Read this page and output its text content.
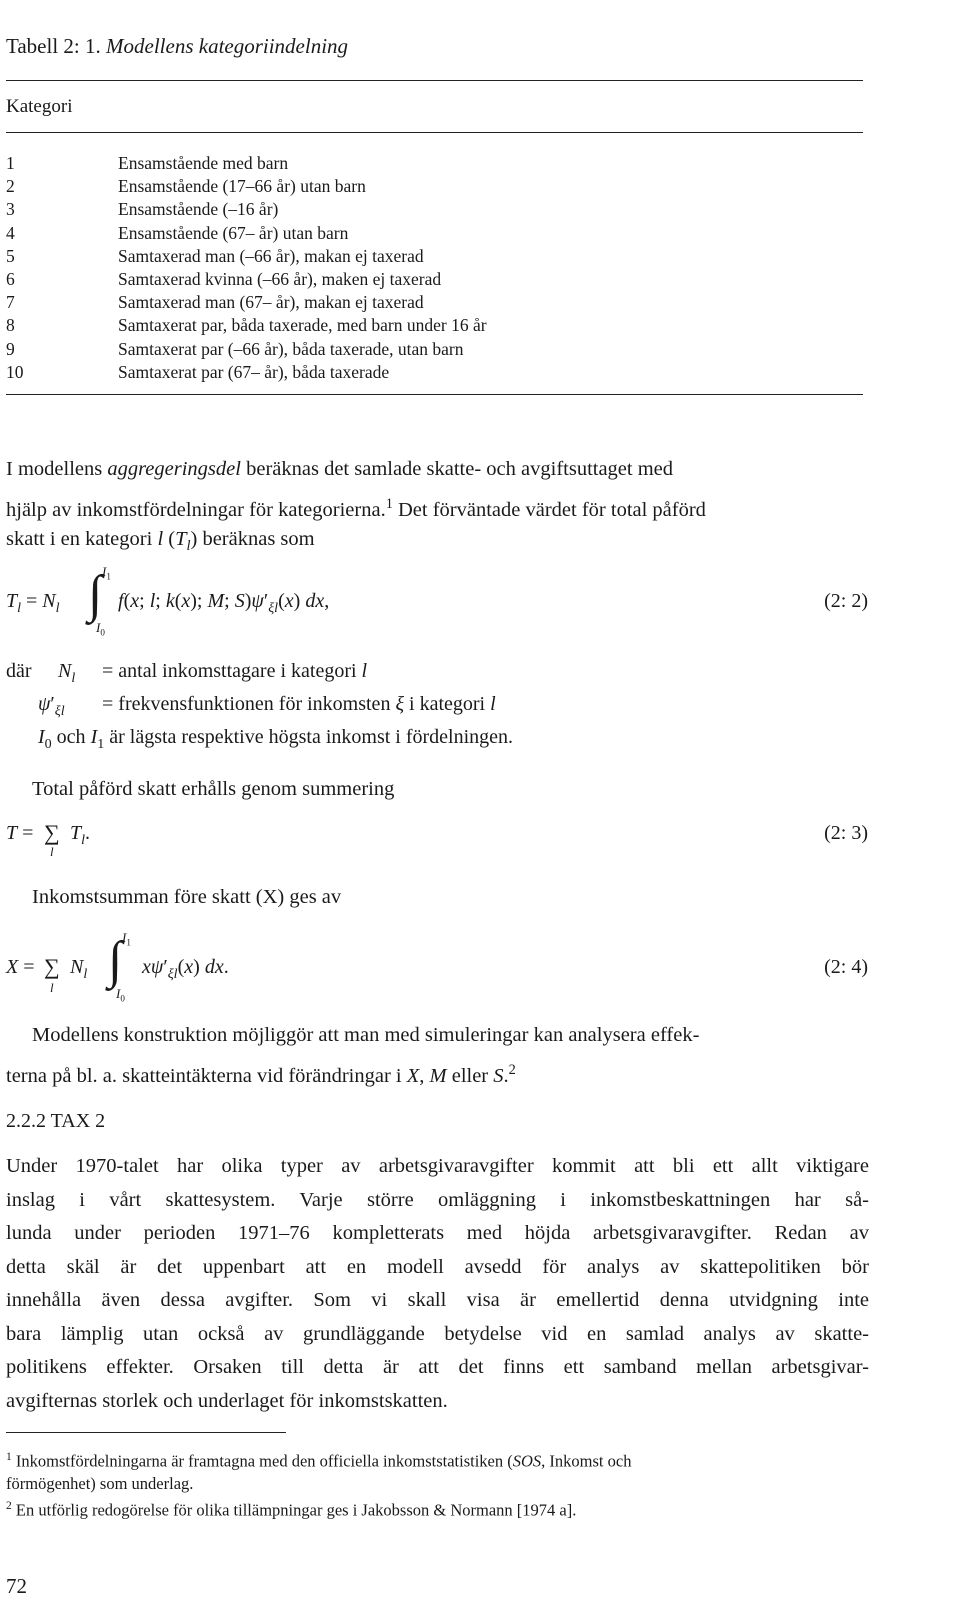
Tabell 2: 1. Modellens kategoriindelning
Kategori
1	Ensamstående med barn
2	Ensamstående (17–66 år) utan barn
3	Ensamstående (–16 år)
4	Ensamstående (67– år) utan barn
5	Samtaxerad man (–66 år), makan ej taxerad
6	Samtaxerad kvinna (–66 år), maken ej taxerad
7	Samtaxerad man (67– år), makan ej taxerad
8	Samtaxerat par, båda taxerade, med barn under 16 år
9	Samtaxerat par (–66 år), båda taxerade, utan barn
10	Samtaxerat par (67– år), båda taxerade
I modellens aggregeringsdel beräknas det samlade skatte- och avgiftsuttaget med
hjälp av inkomstfördelningar för kategorierna.$^1$ Det förväntade värdet för total påförd
skatt i en kategori l $(T_l)$ beräknas som
$T_l = N_l$ ∫ $I_1$
$I_0$
f(x; l; k(x); M; $S)\psi'_{\xi l}(x)$ dx,	(2: 2)
där $N_l$ = antal inkomsttagare i kategori l
$\psi'_{\xi l}$ = frekvensfunktionen för inkomsten ξ i kategori l
$I_0$ och $I_1$ är lägsta respektive högsta inkomst i fördelningen.
Total påförd skatt erhålls genom summering
T = ∑
l
$T_l$.	(2: 3)
Inkomstsumman före skatt (X) ges av
X = ∑
l
$N_l$ ∫ $I_1$
$I_0$
$x\psi'_{\xi l}(x)$ dx.	(2: 4)
Modellens konstruktion möjliggör att man med simuleringar kan analysera effek-
terna på bl. a. skatteintäkterna vid förändringar i X, M eller S.$^2$
2.2.2 TAX 2
Under 1970-talet har olika typer av arbetsgivaravgifter kommit att bli ett allt viktigare
inslag i vårt skattesystem. Varje större omläggning i inkomstbeskattningen har så-
lunda under perioden 1971–76 kompletterats med höjda arbetsgivaravgifter. Redan av
detta skäl är det uppenbart att en modell avsedd för analys av skattepolitiken bör
innehålla även dessa avgifter. Som vi skall visa är emellertid denna utvidgning inte
bara lämplig utan också av grundläggande betydelse vid en samlad analys av skatte-
politikens effekter. Orsaken till detta är att det finns ett samband mellan arbetsgivar-
avgifternas storlek och underlaget för inkomstskatten.
$^1$ Inkomstfördelningarna är framtagna med den officiella inkomststatistiken (SOS, Inkomst och
förmögenhet) som underlag.
$^2$ En utförlig redogörelse för olika tillämpningar ges i Jakobsson & Normann [1974 a].
72
